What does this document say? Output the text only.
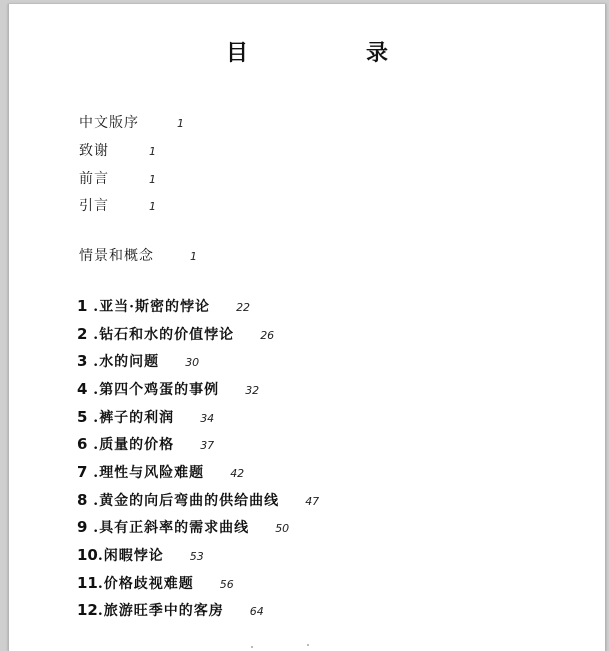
目　录
中文版序	1
致谢	1
前言	1
引言	1
情景和概念	1
1 .亚当·斯密的悖论 22
2 .钻石和水的价值悖论 26
3 .水的问题 30
4 .第四个鸡蛋的事例 32
5 .裤子的利润 34
6 .质量的价格 37
7 .理性与风险难题 42
8 .黄金的向后弯曲的供给曲线 47
9 .具有正斜率的需求曲线 50
10.闲暇悖论 53
11.价格歧视难题 56
12.旅游旺季中的客房 64
